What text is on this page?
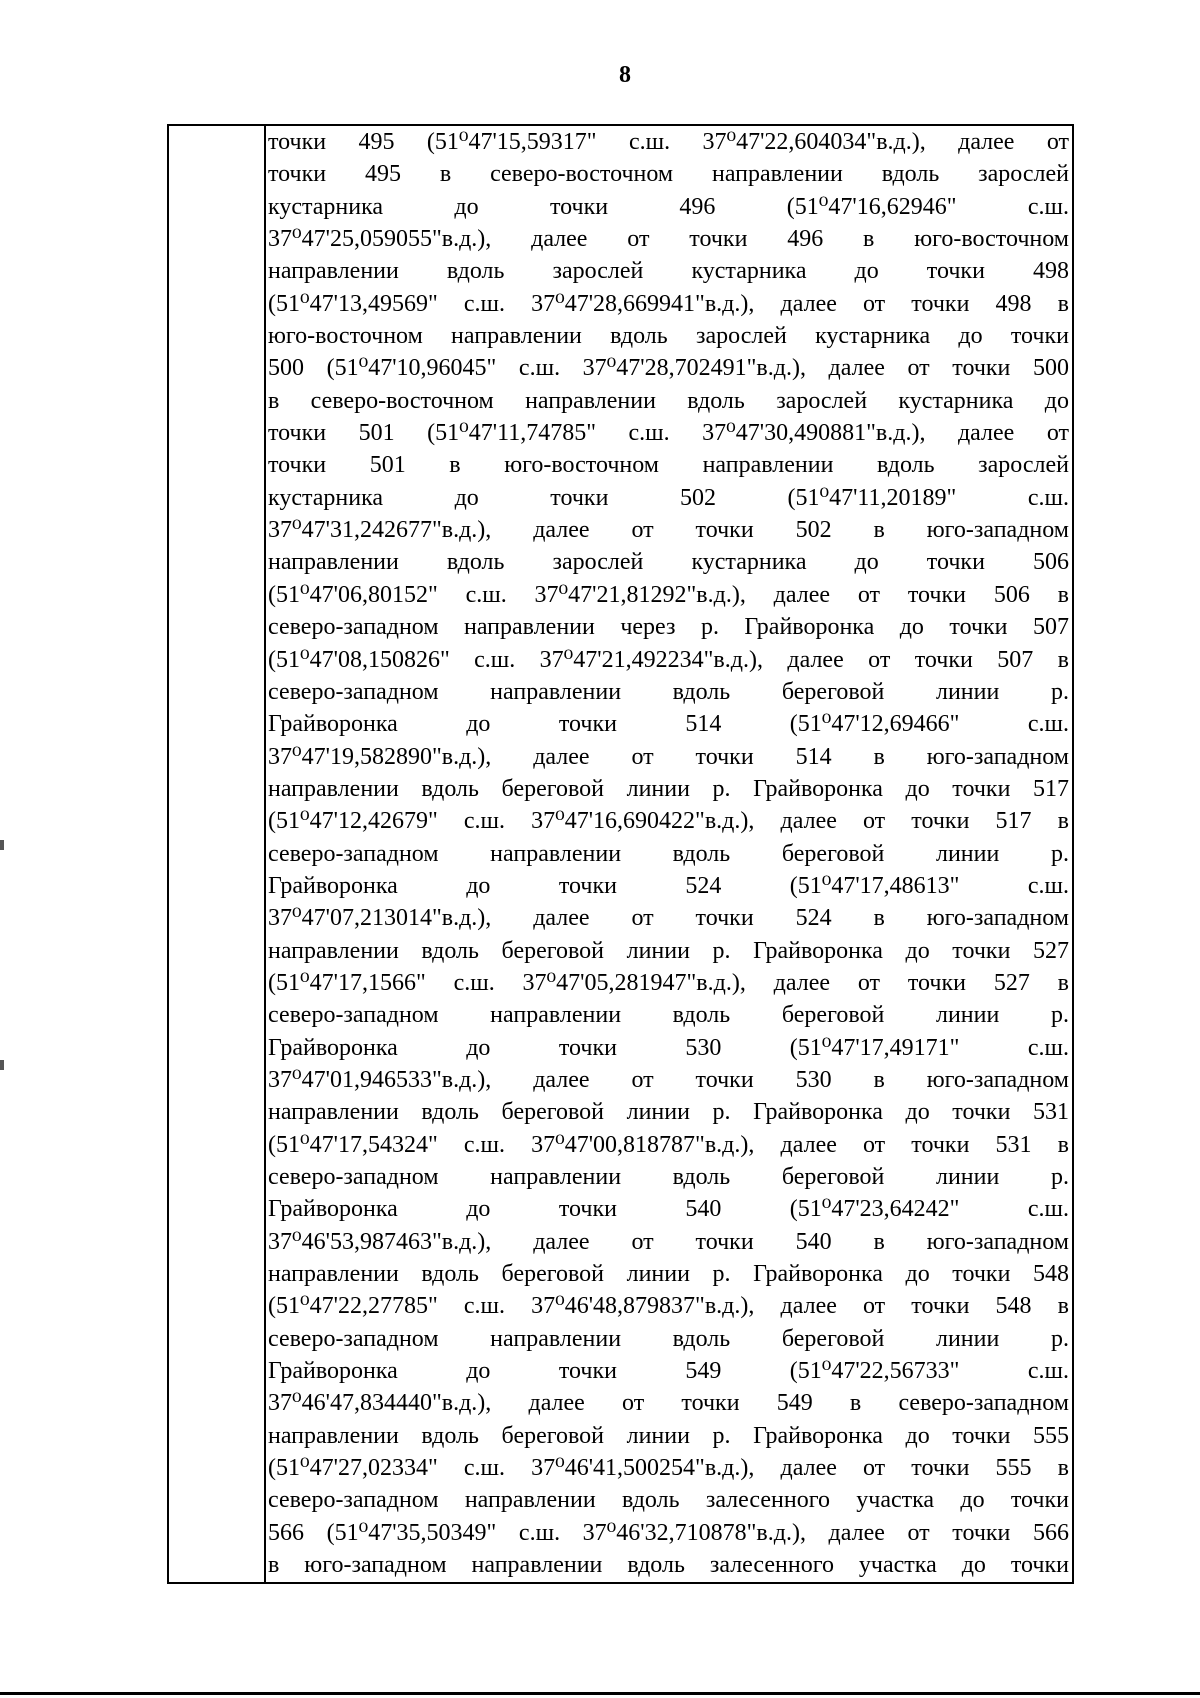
8
точки 495 (51⁰47'15,59317" с.ш. 37⁰47'22,604034"в.д.), далее от
точки 495 в северо-восточном направлении вдоль зарослей
кустарника до точки 496 (51⁰47'16,62946" с.ш.
37⁰47'25,059055"в.д.), далее от точки 496 в юго-восточном
направлении вдоль зарослей кустарника до точки 498
(51⁰47'13,49569" с.ш. 37⁰47'28,669941"в.д.), далее от точки 498 в
юго-восточном направлении вдоль зарослей кустарника до точки
500 (51⁰47'10,96045" с.ш. 37⁰47'28,702491"в.д.), далее от точки 500
в северо-восточном направлении вдоль зарослей кустарника до
точки 501 (51⁰47'11,74785" с.ш. 37⁰47'30,490881"в.д.), далее от
точки 501 в юго-восточном направлении вдоль зарослей
кустарника до точки 502 (51⁰47'11,20189" с.ш.
37⁰47'31,242677"в.д.), далее от точки 502 в юго-западном
направлении вдоль зарослей кустарника до точки 506
(51⁰47'06,80152" с.ш. 37⁰47'21,81292"в.д.), далее от точки 506 в
северо-западном направлении через р. Грайворонка до точки 507
(51⁰47'08,150826" с.ш. 37⁰47'21,492234"в.д.), далее от точки 507 в
северо-западном направлении вдоль береговой линии р.
Грайворонка до точки 514 (51⁰47'12,69466" с.ш.
37⁰47'19,582890"в.д.), далее от точки 514 в юго-западном
направлении вдоль береговой линии р. Грайворонка до точки 517
(51⁰47'12,42679" с.ш. 37⁰47'16,690422"в.д.), далее от точки 517 в
северо-западном направлении вдоль береговой линии р.
Грайворонка до точки 524 (51⁰47'17,48613" с.ш.
37⁰47'07,213014"в.д.), далее от точки 524 в юго-западном
направлении вдоль береговой линии р. Грайворонка до точки 527
(51⁰47'17,1566" с.ш. 37⁰47'05,281947"в.д.), далее от точки 527 в
северо-западном направлении вдоль береговой линии р.
Грайворонка до точки 530 (51⁰47'17,49171" с.ш.
37⁰47'01,946533"в.д.), далее от точки 530 в юго-западном
направлении вдоль береговой линии р. Грайворонка до точки 531
(51⁰47'17,54324" с.ш. 37⁰47'00,818787"в.д.), далее от точки 531 в
северо-западном направлении вдоль береговой линии р.
Грайворонка до точки 540 (51⁰47'23,64242" с.ш.
37⁰46'53,987463"в.д.), далее от точки 540 в юго-западном
направлении вдоль береговой линии р. Грайворонка до точки 548
(51⁰47'22,27785" с.ш. 37⁰46'48,879837"в.д.), далее от точки 548 в
северо-западном направлении вдоль береговой линии р.
Грайворонка до точки 549 (51⁰47'22,56733" с.ш.
37⁰46'47,834440"в.д.), далее от точки 549 в северо-западном
направлении вдоль береговой линии р. Грайворонка до точки 555
(51⁰47'27,02334" с.ш. 37⁰46'41,500254"в.д.), далее от точки 555 в
северо-западном направлении вдоль залесенного участка до точки
566 (51⁰47'35,50349" с.ш. 37⁰46'32,710878"в.д.), далее от точки 566
в юго-западном направлении вдоль залесенного участка до точки
